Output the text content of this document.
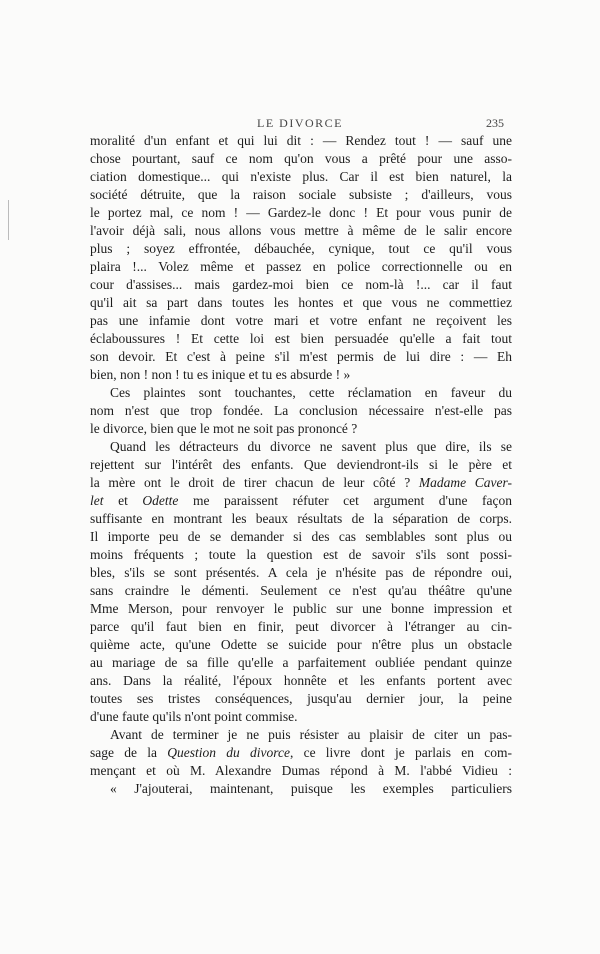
LE DIVORCE	235
moralité d'un enfant et qui lui dit : — Rendez tout ! — sauf une
chose pourtant, sauf ce nom qu'on vous a prêté pour une asso-
ciation domestique... qui n'existe plus. Car il est bien naturel, la
société détruite, que la raison sociale subsiste ; d'ailleurs, vous
le portez mal, ce nom ! — Gardez-le donc ! Et pour vous punir de
l'avoir déjà sali, nous allons vous mettre à même de le salir encore
plus ; soyez effrontée, débauchée, cynique, tout ce qu'il vous
plaira !... Volez même et passez en police correctionnelle ou en
cour d'assises... mais gardez-moi bien ce nom-là !... car il faut
qu'il ait sa part dans toutes les hontes et que vous ne commettiez
pas une infamie dont votre mari et votre enfant ne reçoivent les
éclaboussures ! Et cette loi est bien persuadée qu'elle a fait tout
son devoir. Et c'est à peine s'il m'est permis de lui dire : — Eh
bien, non ! non ! tu es inique et tu es absurde ! »
Ces plaintes sont touchantes, cette réclamation en faveur du
nom n'est que trop fondée. La conclusion nécessaire n'est-elle pas
le divorce, bien que le mot ne soit pas prononcé ?
Quand les détracteurs du divorce ne savent plus que dire, ils se
rejettent sur l'intérêt des enfants. Que deviendront-ils si le père et
la mère ont le droit de tirer chacun de leur côté ? Madame Caver-
let et Odette me paraissent réfuter cet argument d'une façon
suffisante en montrant les beaux résultats de la séparation de corps.
Il importe peu de se demander si des cas semblables sont plus ou
moins fréquents ; toute la question est de savoir s'ils sont possi-
bles, s'ils se sont présentés. A cela je n'hésite pas de répondre oui,
sans craindre le démenti. Seulement ce n'est qu'au théâtre qu'une
Mme Merson, pour renvoyer le public sur une bonne impression et
parce qu'il faut bien en finir, peut divorcer à l'étranger au cin-
quième acte, qu'une Odette se suicide pour n'être plus un obstacle
au mariage de sa fille qu'elle a parfaitement oubliée pendant quinze
ans. Dans la réalité, l'époux honnête et les enfants portent avec
toutes ses tristes conséquences, jusqu'au dernier jour, la peine
d'une faute qu'ils n'ont point commise.
Avant de terminer je ne puis résister au plaisir de citer un pas-
sage de la Question du divorce, ce livre dont je parlais en com-
mençant et où M. Alexandre Dumas répond à M. l'abbé Vidieu :
« J'ajouterai, maintenant, puisque les exemples particuliers
